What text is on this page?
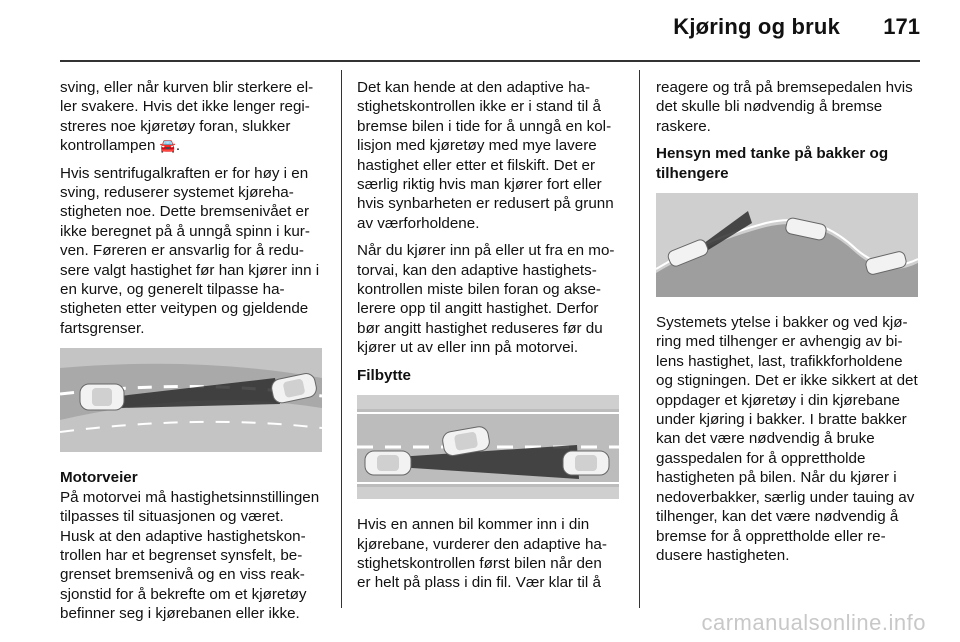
Kjøring og bruk 171

sving, eller når kurven blir sterkere eller svakere. Hvis det ikke lenger registreres noe kjøretøy foran, slukker kontrollampen 🚘.

Hvis sentrifugalkraften er for høy i en sving, reduserer systemet kjørehastigheten noe. Dette bremsenivået er ikke beregnet på å unngå spinn i kurven. Føreren er ansvarlig for å redusere valgt hastighet før han kjører inn i en kurve, og generelt tilpasse hastigheten etter veitypen og gjeldende fartsgrenser.

Motorveier

På motorvei må hastighetsinnstillingen tilpasses til situasjonen og været. Husk at den adaptive hastighetskontrollen har et begrenset synsfelt, begrenset bremsenivå og en viss reaksjonstid for å bekrefte om et kjøretøy befinner seg i kjørebanen eller ikke.

Det kan hende at den adaptive hastighetskontrollen ikke er i stand til å bremse bilen i tide for å unngå en kollisjon med kjøretøy med mye lavere hastighet eller etter et filskift. Det er særlig riktig hvis man kjører fort eller hvis synbarheten er redusert på grunn av værforholdene.

Når du kjører inn på eller ut fra en motorvai, kan den adaptive hastighetskontrollen miste bilen foran og akselerere opp til angitt hastighet. Derfor bør angitt hastighet reduseres før du kjører ut av eller inn på motorvei.

Filbytte

Hvis en annen bil kommer inn i din kjørebane, vurderer den adaptive hastighetskontrollen først bilen når den er helt på plass i din fil. Vær klar til å

reagere og trå på bremsepedalen hvis det skulle bli nødvendig å bremse raskere.

Hensyn med tanke på bakker og tilhengere

Systemets ytelse i bakker og ved kjøring med tilhenger er avhengig av bilens hastighet, last, trafikkforholdene og stigningen. Det er ikke sikkert at det oppdager et kjøretøy i din kjørebane under kjøring i bakker. I bratte bakker kan det være nødvendig å bruke gasspedalen for å opprettholde hastigheten på bilen. Når du kjører i nedoverbakker, særlig under tauing av tilhenger, kan det være nødvendig å bremse for å opprettholde eller redusere hastigheten.

carmanualsonline.info
